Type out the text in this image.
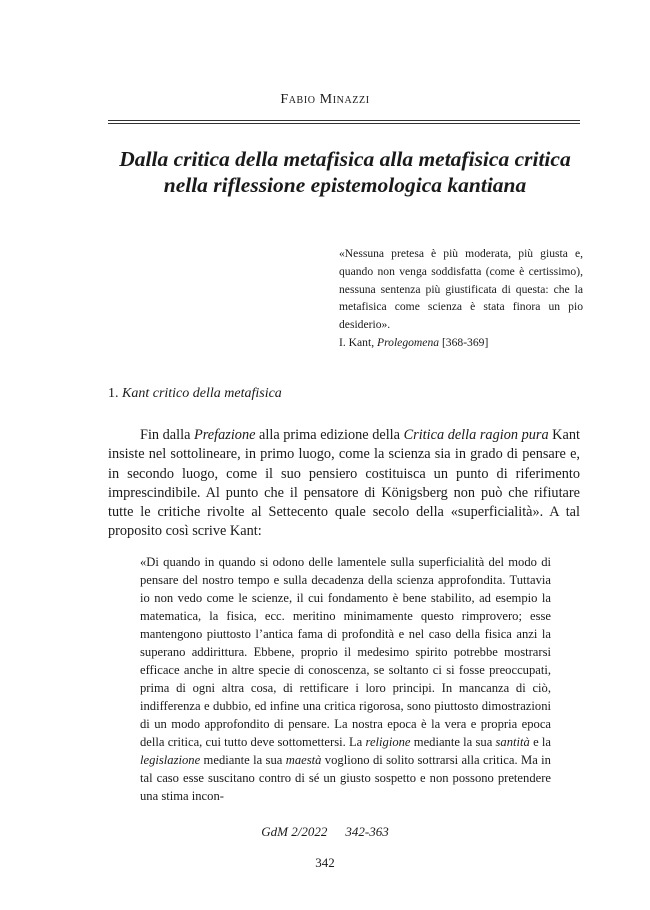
Fabio Minazzi
Dalla critica della metafisica alla metafisica critica
nella riflessione epistemologica kantiana

«Nessuna pretesa è più moderata, più giusta e, quando non venga soddisfatta (come è certissimo), nessuna sentenza più giustificata di questa: che la metafisica come scienza è stata finora un pio desiderio».

I. Kant, Prolegomena [368-369]

1. Kant critico della metafisica

Fin dalla Prefazione alla prima edizione della Critica della ragion pura Kant insiste nel sottolineare, in primo luogo, come la scienza sia in grado di pensare e, in secondo luogo, come il suo pensiero costituisca un punto di riferimento imprescindibile. Al punto che il pensatore di Königsberg non può che rifiutare tutte le critiche rivolte al Settecento quale secolo della «superficialità». A tal proposito così scrive Kant:

«Di quando in quando si odono delle lamentele sulla superficialità del modo di pensare del nostro tempo e sulla decadenza della scienza approfondita. Tuttavia io non vedo come le scienze, il cui fondamento è bene stabilito, ad esempio la matematica, la fisica, ecc. meritino minimamente questo rimprovero; esse mantengono piuttosto l’antica fama di profondità e nel caso della fisica anzi la superano addirittura. Ebbene, proprio il medesimo spirito potrebbe mostrarsi efficace anche in altre specie di conoscenza, se soltanto ci si fosse preoccupati, prima di ogni altra cosa, di rettificare i loro principi. In mancanza di ciò, indifferenza e dubbio, ed infine una critica rigorosa, sono piuttosto dimostrazioni di un modo approfondito di pensare. La nostra epoca è la vera e propria epoca della critica, cui tutto deve sottomettersi. La religione mediante la sua santità e la legislazione mediante la sua maestà vogliono di solito sottrarsi alla critica. Ma in tal caso esse suscitano contro di sé un giusto sospetto e non possono pretendere una stima incon-

GdM 2/2022 342-363
342
